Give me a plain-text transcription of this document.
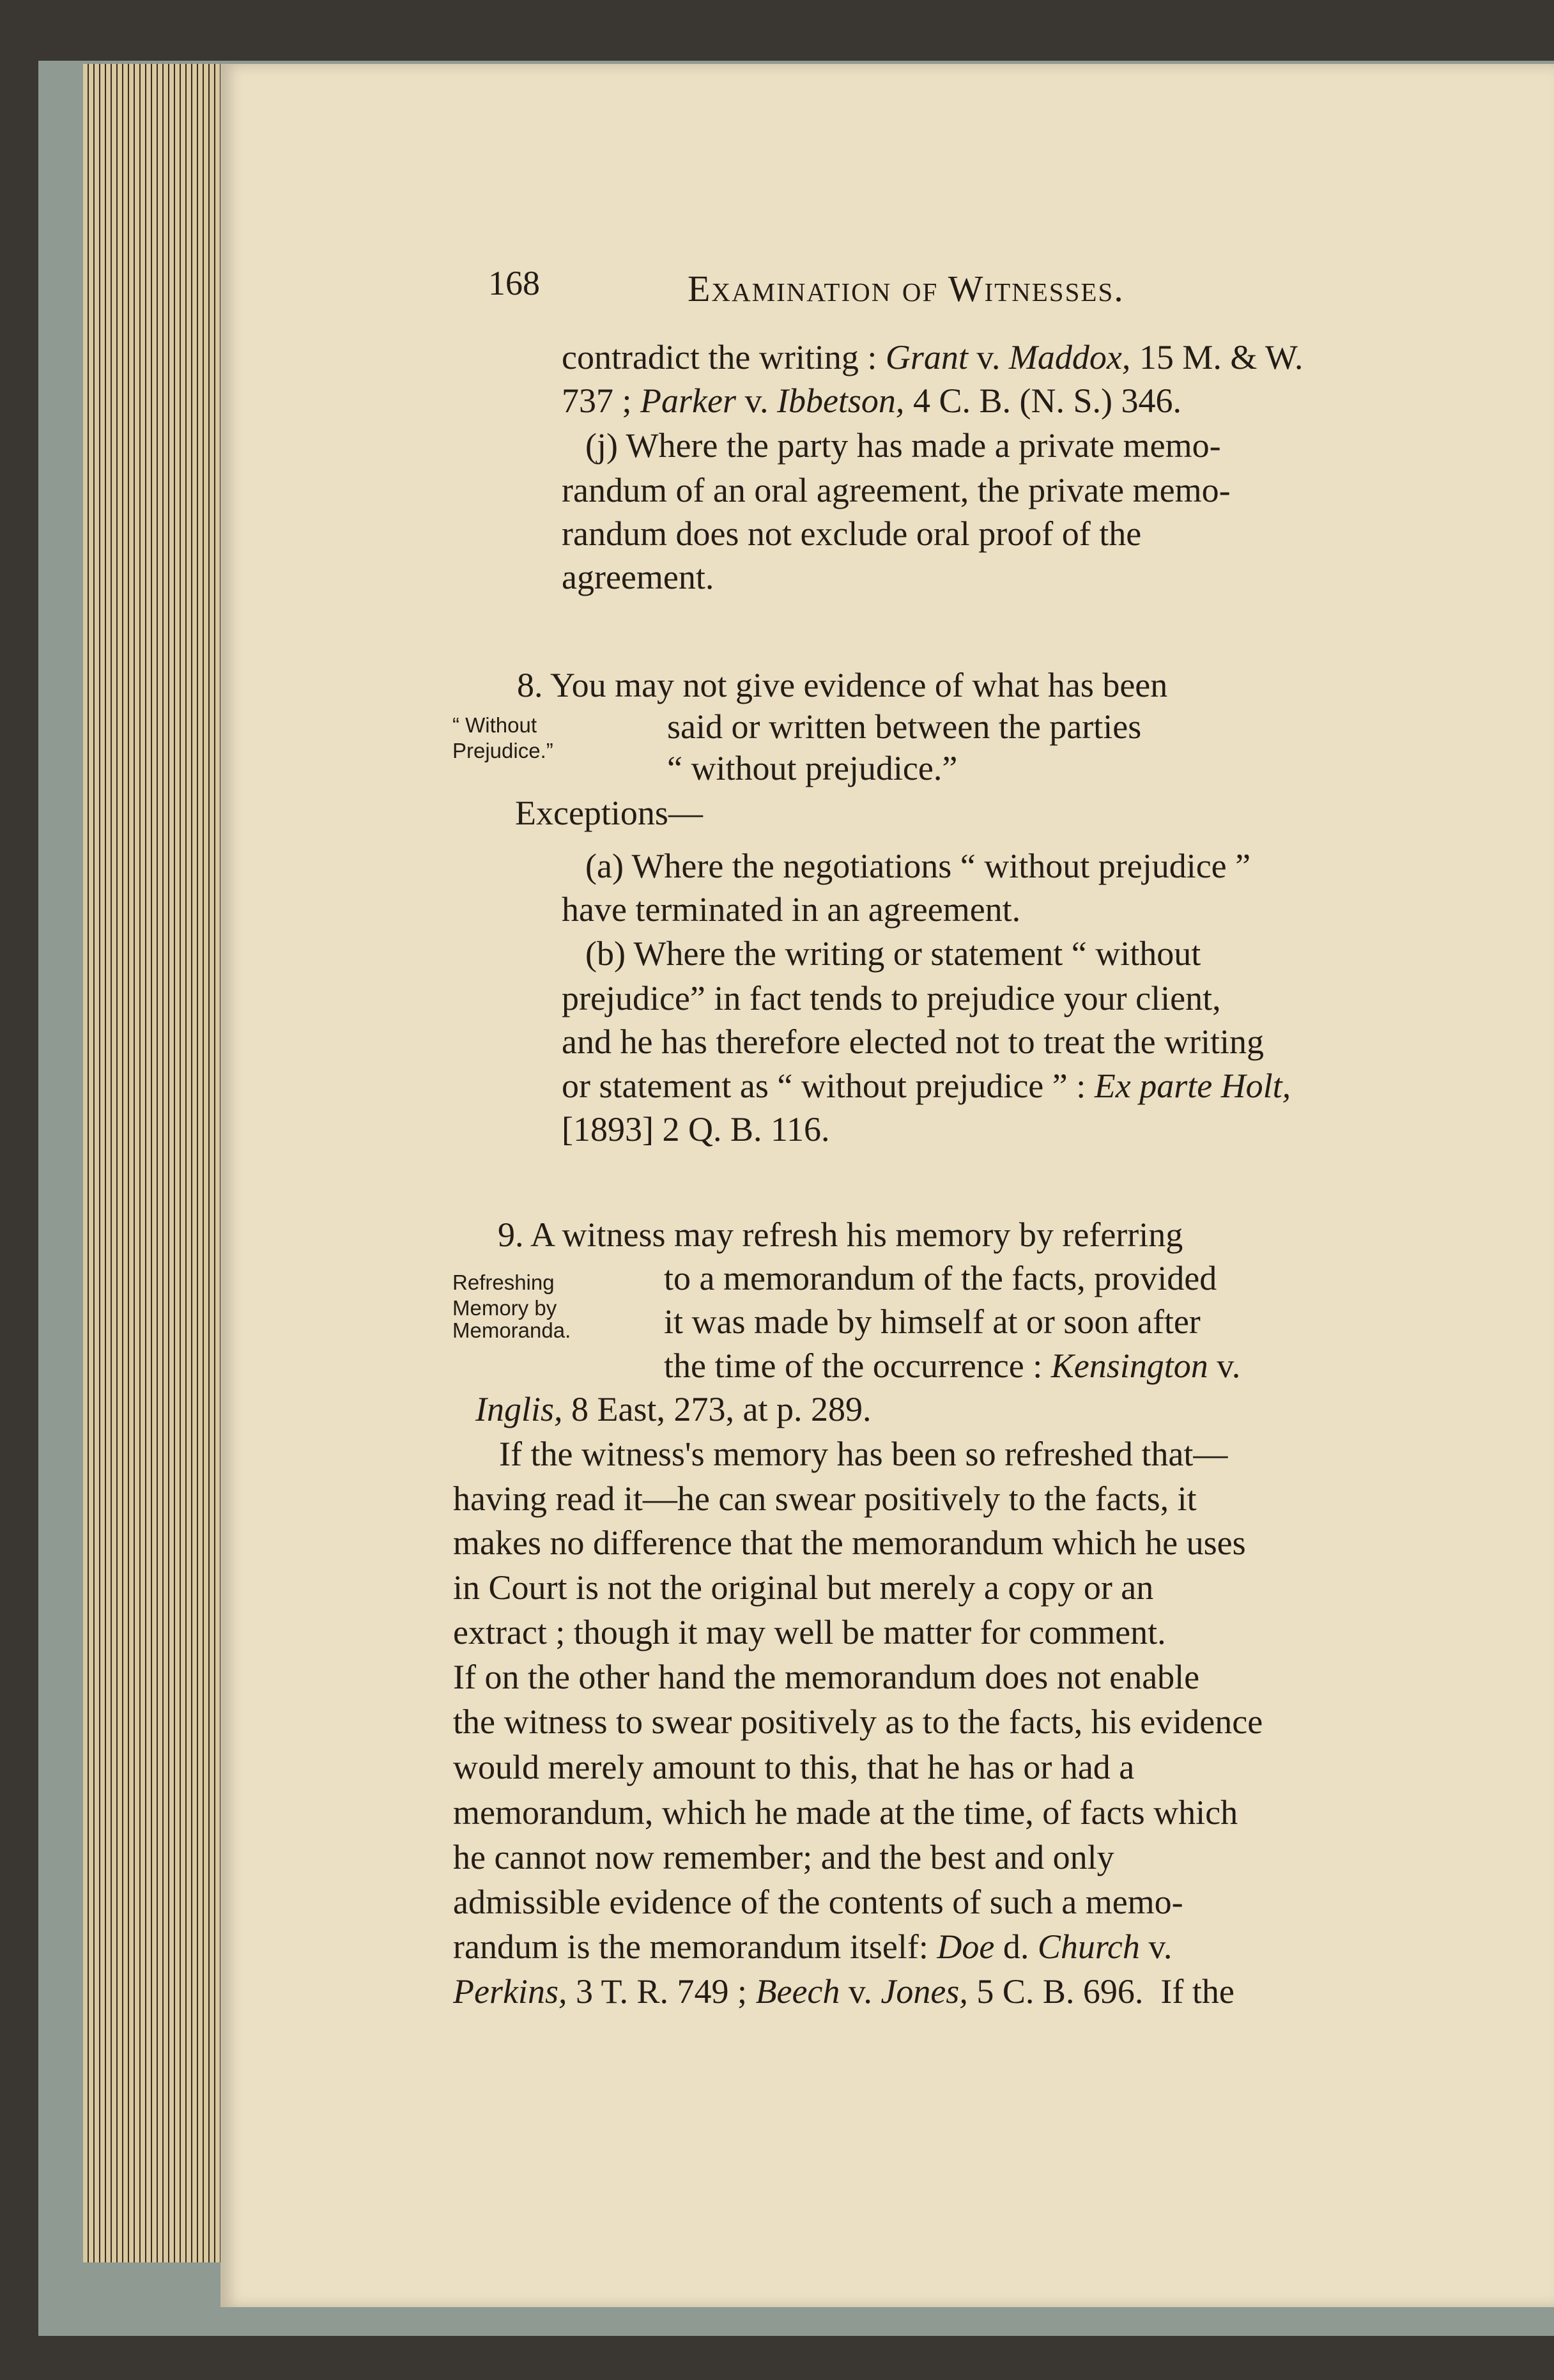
168	Examination of Witnesses.
contradict the writing : Grant v. Maddox, 15 M. & W.
737 ; Parker v. Ibbetson, 4 C. B. (N. S.) 346.
(j) Where the party has made a private memo-
randum of an oral agreement, the private memo-
randum does not exclude oral proof of the
agreement.
8. You may not give evidence of what has been
“ Without
Prejudice.”
said or written between the parties
“ without prejudice.”
Exceptions—
(a) Where the negotiations “ without prejudice ”
have terminated in an agreement.
(b) Where the writing or statement “ without
prejudice” in fact tends to prejudice your client,
and he has therefore elected not to treat the writing
or statement as “ without prejudice ” : Ex parte Holt,
[1893] 2 Q. B. 116.
9. A witness may refresh his memory by referring
Refreshing
Memory by
Memoranda.
to a memorandum of the facts, provided
it was made by himself at or soon after
the time of the occurrence : Kensington v.
Inglis, 8 East, 273, at p. 289.
If the witness's memory has been so refreshed that—
having read it—he can swear positively to the facts, it
makes no difference that the memorandum which he uses
in Court is not the original but merely a copy or an
extract ; though it may well be matter for comment.
If on the other hand the memorandum does not enable
the witness to swear positively as to the facts, his evidence
would merely amount to this, that he has or had a
memorandum, which he made at the time, of facts which
he cannot now remember; and the best and only
admissible evidence of the contents of such a memo-
randum is the memorandum itself: Doe d. Church v.
Perkins, 3 T. R. 749 ; Beech v. Jones, 5 C. B. 696.  If the
